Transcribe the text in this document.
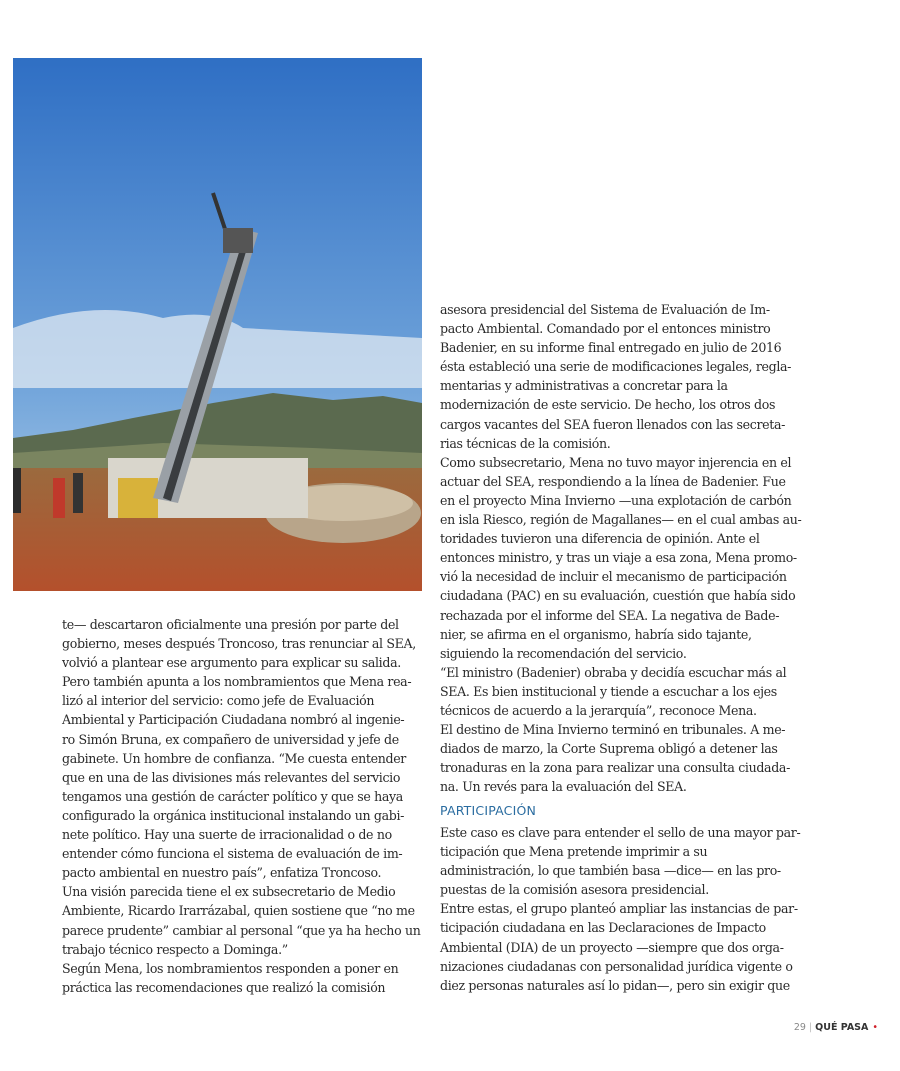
te— descartaron oficialmente una presión por parte del
gobierno, meses después Troncoso, tras renunciar al SEA,
volvió a plantear ese argumento para explicar su salida.
Pero también apunta a los nombramientos que Mena rea-
lizó al interior del servicio: como jefe de Evaluación
Ambiental y Participación Ciudadana nombró al ingenie-
ro Simón Bruna, ex compañero de universidad y jefe de
gabinete. Un hombre de confianza. “Me cuesta entender
que en una de las divisiones más relevantes del servicio
tengamos una gestión de carácter político y que se haya
configurado la orgánica institucional instalando un gabi-
nete político. Hay una suerte de irracionalidad o de no
entender cómo funciona el sistema de evaluación de im-
pacto ambiental en nuestro país”, enfatiza Troncoso.
Una visión parecida tiene el ex subsecretario de Medio
Ambiente, Ricardo Irarrázabal, quien sostiene que “no me
parece prudente” cambiar al personal “que ya ha hecho un
trabajo técnico respecto a Dominga.”
Según Mena, los nombramientos responden a poner en
práctica las recomendaciones que realizó la comisión
asesora presidencial del Sistema de Evaluación de Im-
pacto Ambiental. Comandado por el entonces ministro
Badenier, en su informe final entregado en julio de 2016
ésta estableció una serie de modificaciones legales, regla-
mentarias y administrativas a concretar para la
modernización de este servicio. De hecho, los otros dos
cargos vacantes del SEA fueron llenados con las secreta-
rias técnicas de la comisión.
Como subsecretario, Mena no tuvo mayor injerencia en el
actuar del SEA, respondiendo a la línea de Badenier. Fue
en el proyecto Mina Invierno —una explotación de carbón
en isla Riesco, región de Magallanes— en el cual ambas au-
toridades tuvieron una diferencia de opinión. Ante el
entonces ministro, y tras un viaje a esa zona, Mena promo-
vió la necesidad de incluir el mecanismo de participación
ciudadana (PAC) en su evaluación, cuestión que había sido
rechazada por el informe del SEA. La negativa de Bade-
nier, se afirma en el organismo, habría sido tajante,
siguiendo la recomendación del servicio.
“El ministro (Badenier) obraba y decidía escuchar más al
SEA. Es bien institucional y tiende a escuchar a los ejes
técnicos de acuerdo a la jerarquía”, reconoce Mena.
El destino de Mina Invierno terminó en tribunales. A me-
diados de marzo, la Corte Suprema obligó a detener las
tronaduras en la zona para realizar una consulta ciudada-
na. Un revés para la evaluación del SEA.
PARTICIPACIÓN
Este caso es clave para entender el sello de una mayor par-
ticipación que Mena pretende imprimir a su
administración, lo que también basa —dice— en las pro-
puestas de la comisión asesora presidencial.
Entre estas, el grupo planteó ampliar las instancias de par-
ticipación ciudadana en las Declaraciones de Impacto
Ambiental (DIA) de un proyecto —siempre que dos orga-
nizaciones ciudadanas con personalidad jurídica vigente o
diez personas naturales así lo pidan—, pero sin exigir que
29 | QUÉ PASA •
